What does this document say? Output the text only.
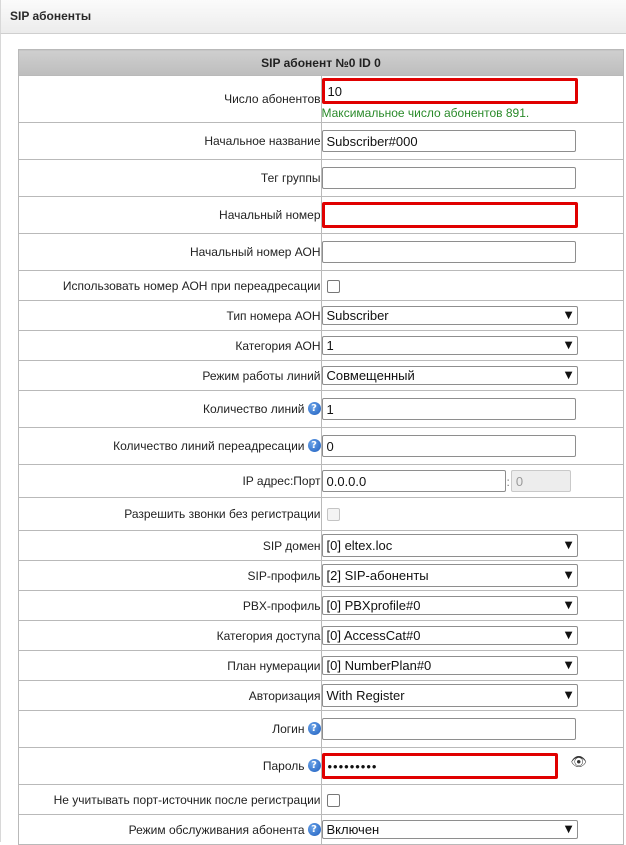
SIP абоненты
SIP абонент №0 ID 0	
Число абонентов	10
Максимальное число абонентов 891.

Начальное название	Subscriber#000
Тег группы	
Начальный номер	
Начальный номер АОН	
Использовать номер АОН при переадресации	
Тип номера АОН	Subscriber ▼

Категория АОН	1 ▼

Режим работы линий	Совмещенный ▼

Количество линий ?	1
Количество линий переадресации ?	0
IP адрес:Порт	0.0.0.0:0
Разрешить звонки без регистрации	
SIP домен	[0] eltex.loc ▼

SIP-профиль	[2] SIP-абоненты ▼

PBX-профиль	[0] PBXprofile#0 ▼

Категория доступа	[0] AccessCat#0 ▼

План нумерации	[0] NumberPlan#0 ▼

Авторизация	With Register ▼

Логин ?	
Пароль ?	•••••••••👁

Не учитывать порт-источник после регистрации	
Режим обслуживания абонента ?	Включен ▼
